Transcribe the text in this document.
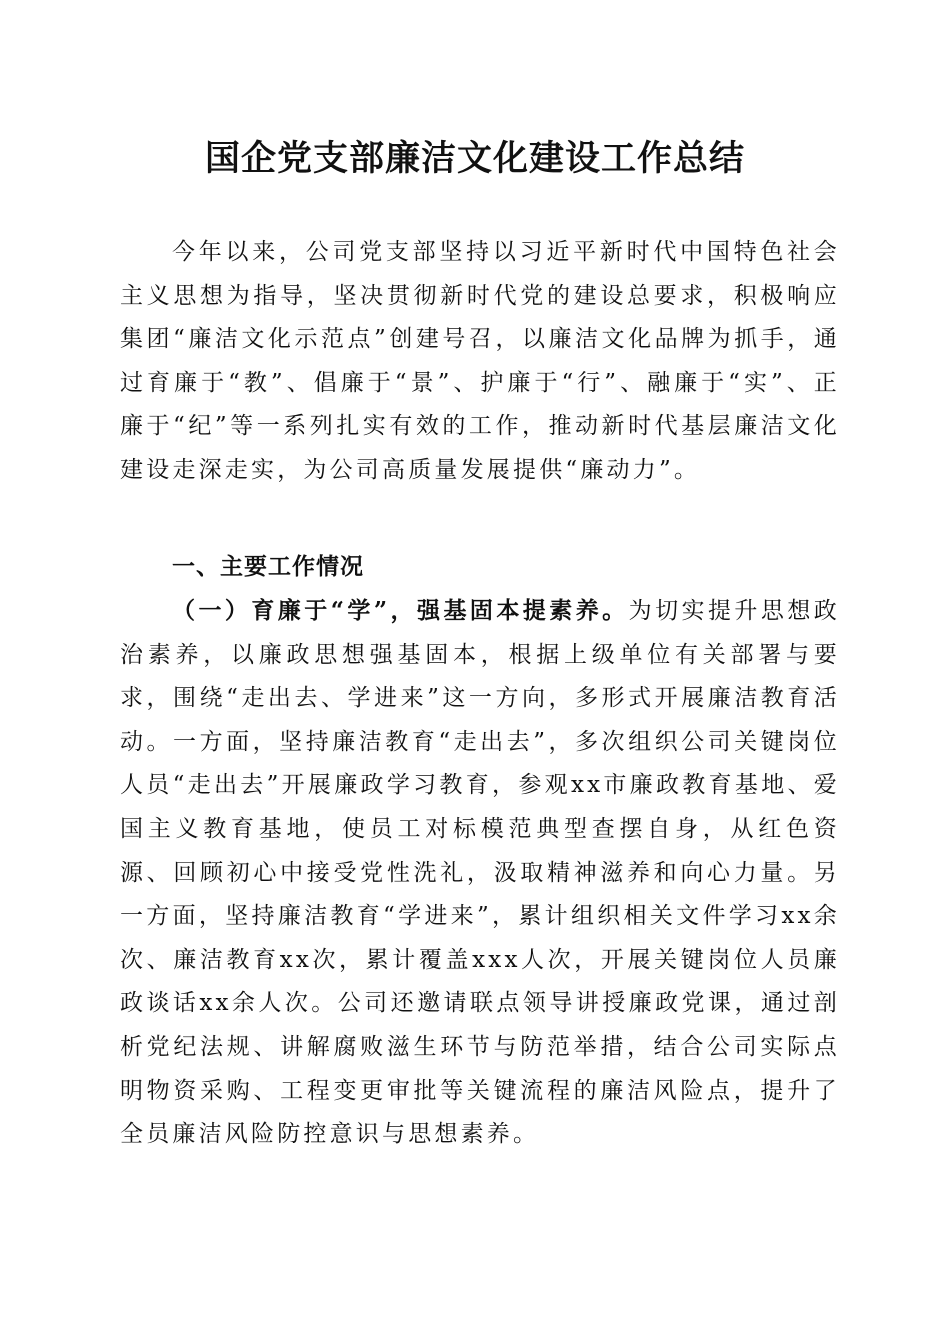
国企党支部廉洁文化建设工作总结

今年以来，公司党支部坚持以习近平新时代中国特色社会主义思想为指导，坚决贯彻新时代党的建设总要求，积极响应集团“廉洁文化示范点”创建号召，以廉洁文化品牌为抓手，通过育廉于“教”、倡廉于“景”、护廉于“行”、融廉于“实”、正廉于“纪”等一系列扎实有效的工作，推动新时代基层廉洁文化建设走深走实，为公司高质量发展提供“廉动力”。

一、主要工作情况

（一）育廉于“学”，强基固本提素养。为切实提升思想政治素养，以廉政思想强基固本，根据上级单位有关部署与要求，围绕“走出去、学进来”这一方向，多形式开展廉洁教育活动。一方面，坚持廉洁教育“走出去”，多次组织公司关键岗位人员“走出去”开展廉政学习教育，参观xx市廉政教育基地、爱国主义教育基地，使员工对标模范典型查摆自身，从红色资源、回顾初心中接受党性洗礼，汲取精神滋养和向心力量。另一方面，坚持廉洁教育“学进来”，累计组织相关文件学习xx余次、廉洁教育xx次，累计覆盖xxx人次，开展关键岗位人员廉政谈话xx余人次。公司还邀请联点领导讲授廉政党课，通过剖析党纪法规、讲解腐败滋生环节与防范举措，结合公司实际点明物资采购、工程变更审批等关键流程的廉洁风险点，提升了全员廉洁风险防控意识与思想素养。
